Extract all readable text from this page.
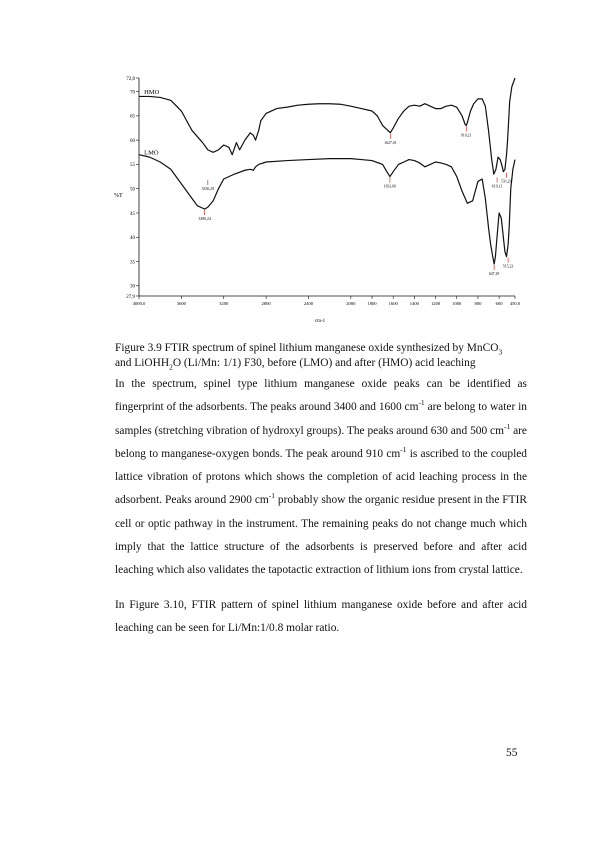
72,8
70
65
60
55
50
45
40
35
30
27,9
4000,0	3600	3200	2800	2400	2000	1800	1600	1400	1200	1000	800	600 450,0
HMO
LMO
910,21
1627,01
3350,29
1631,06	619,11
531,24
3380,24
515,23
647,29
%T
cm-1
Figure 3.9 FTIR spectrum of spinel lithium manganese oxide synthesized by MnCO$_3$
and LiOHH$_2$O (Li/Mn: 1/1) F30, before (LMO) and after (HMO) acid leaching

In the spectrum, spinel type lithium manganese oxide peaks can be identified as fingerprint of the adsorbents. The peaks around 3400 and 1600 $cm^{-1}$ are belong to water in samples (stretching vibration of hydroxyl groups). The peaks around 630 and 500 $cm^{-1}$ are belong to manganese-oxygen bonds. The peak around 910 $cm^{-1}$ is ascribed to the coupled lattice vibration of protons which shows the completion of acid leaching process in the adsorbent. Peaks around 2900 $cm^{-1}$ probably show the organic residue present in the FTIR cell or optic pathway in the instrument. The remaining peaks do not change much which imply that the lattice structure of the adsorbents is preserved before and after acid leaching which also validates the tapotactic extraction of lithium ions from crystal lattice.

In Figure 3.10, FTIR pattern of spinel lithium manganese oxide before and after acid leaching can be seen for Li/Mn:1/0.8 molar ratio.

55
